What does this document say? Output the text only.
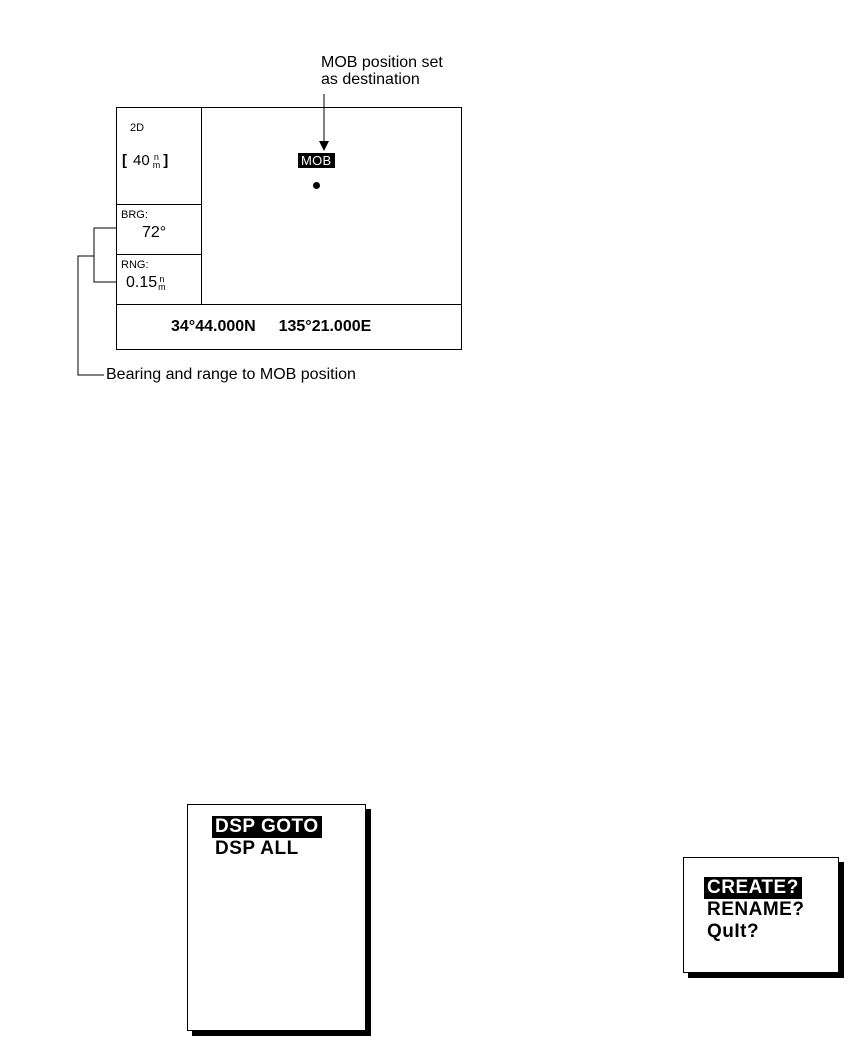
MOB position set
as destination
2D
[ 40 n
m ]
BRG:
72°
RNG:
0.15 n
m
MOB
34°44.000N 135°21.000E
Bearing and range to MOB position
DSP GOTO
DSP ALL
CREATE?
RENAME?
QuIt?
